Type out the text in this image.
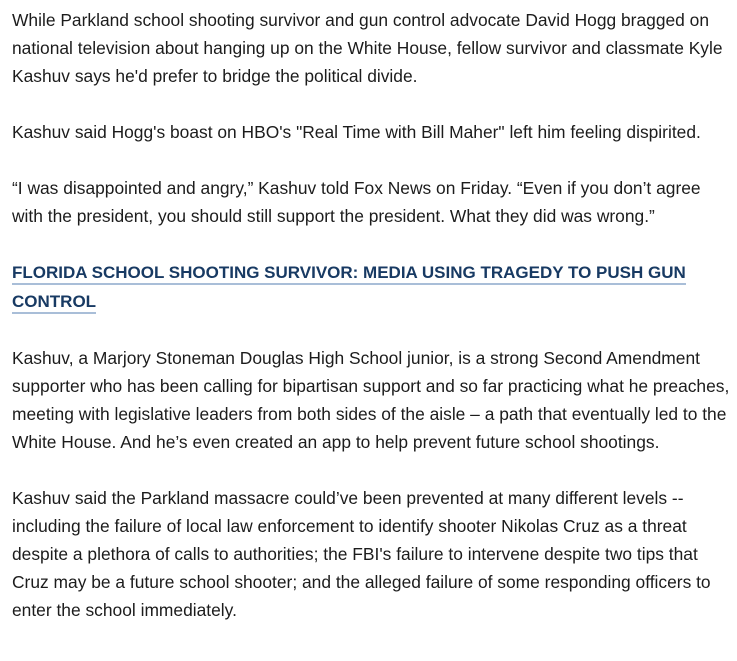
While Parkland school shooting survivor and gun control advocate David Hogg bragged on national television about hanging up on the White House, fellow survivor and classmate Kyle Kashuv says he'd prefer to bridge the political divide.

Kashuv said Hogg's boast on HBO's "Real Time with Bill Maher" left him feeling dispirited.

“I was disappointed and angry,” Kashuv told Fox News on Friday. “Even if you don’t agree with the president, you should still support the president. What they did was wrong.”

FLORIDA SCHOOL SHOOTING SURVIVOR: MEDIA USING TRAGEDY TO PUSH GUN CONTROL

Kashuv, a Marjory Stoneman Douglas High School junior, is a strong Second Amendment supporter who has been calling for bipartisan support and so far practicing what he preaches, meeting with legislative leaders from both sides of the aisle – a path that eventually led to the White House. And he’s even created an app to help prevent future school shootings.

Kashuv said the Parkland massacre could’ve been prevented at many different levels -- including the failure of local law enforcement to identify shooter Nikolas Cruz as a threat despite a plethora of calls to authorities; the FBI's failure to intervene despite two tips that Cruz may be a future school shooter; and the alleged failure of some responding officers to enter the school immediately.
